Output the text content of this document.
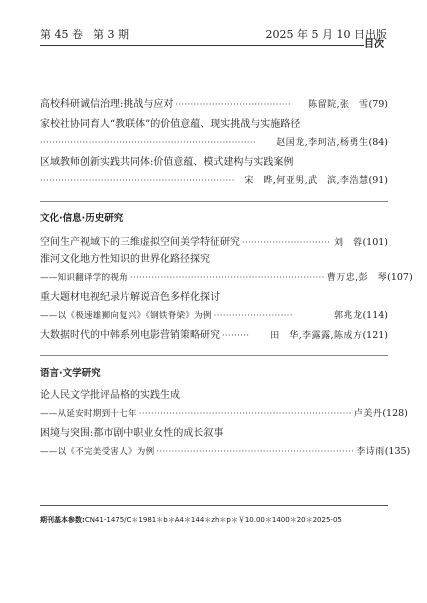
第 45 卷 第 3 期	2025 年 5 月 10 日出版
目次
高校科研诚信治理:挑战与应对 ······································	陈留院,张　雪 (79)
家校社协同育人“教联体”的价值意蕴、现实挑战与实施路径
·······································································	赵国龙,李珂洁,杨勇生 (84)
区域教师创新实践共同体:价值意蕴、模式建构与实践案例
································································	宋　晔,何亚男,武　滨,李浩慧 (91)
文化·信息·历史研究
空间生产视域下的三维虚拟空间美学特征研究 ····························· 刘　蓉 (101)
淮河文化地方性知识的世界化路径探究
——知识翻译学的视角 ································································ 曹万忠,彭　琴 (107)
重大题材电视纪录片解说音色多样化探讨
——以《极速雄狮向复兴》《钢铁脊梁》为例 ··························	郭兆龙 (114)
大数据时代的中韩系列电影营销策略研究 ·········	田　华,李露露,陈成方 (121)
语言·文学研究
论人民文学批评品格的实践生成
——从延安时期到十七年 ······································································ 卢美丹 (128)
困境与突围:都市剧中职业女性的成长叙事
——以《不完美受害人》为例 ································································· 李诗雨 (135)
期刊基本参数:CN41-1475/C＊1981＊b＊A4＊144＊zh＊p＊￥10.00＊1400＊20＊2025-05
